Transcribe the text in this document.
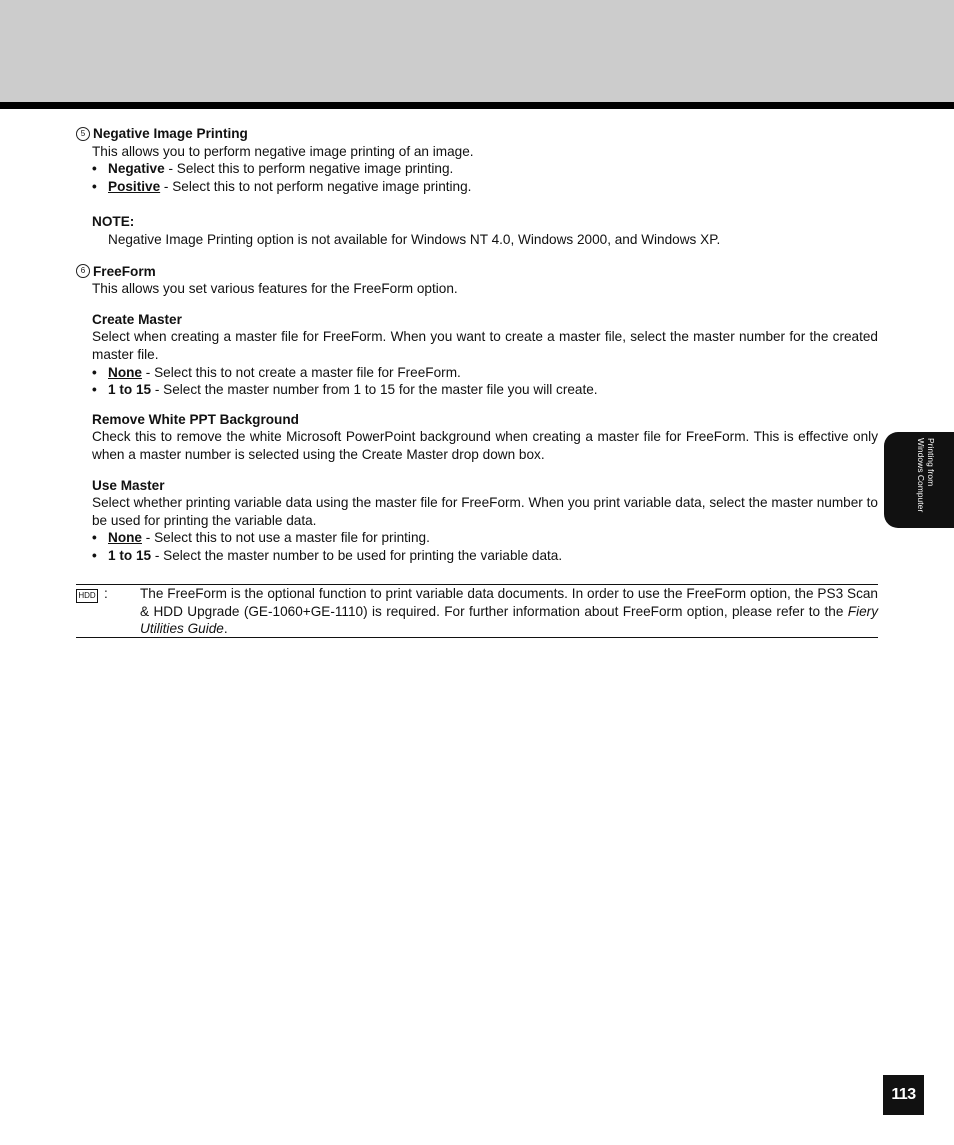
5 Negative Image Printing

This allows you to perform negative image printing of an image.

• Negative - Select this to perform negative image printing.
• Positive - Select this to not perform negative image printing.

NOTE:

Negative Image Printing option is not available for Windows NT 4.0, Windows 2000, and Windows XP.

6 FreeForm

This allows you set various features for the FreeForm option.

Create Master

Select when creating a master file for FreeForm. When you want to create a master file, select the master number for the created master file.

• None - Select this to not create a master file for FreeForm.
• 1 to 15 - Select the master number from 1 to 15 for the master file you will create.

Remove White PPT Background

Check this to remove the white Microsoft PowerPoint background when creating a master file for FreeForm. This is effective only when a master number is selected using the Create Master drop down box.

Use Master

Select whether printing variable data using the master file for FreeForm. When you print variable data, select the master number to be used for printing the variable data.

• None - Select this to not use a master file for printing.
• 1 to 15 - Select the master number to be used for printing the variable data.
HDD : The FreeForm is the optional function to print variable data documents. In order to use the FreeForm option, the PS3 Scan & HDD Upgrade (GE-1060+GE-1110) is required. For further information about FreeForm option, please refer to the Fiery Utilities Guide.

Printing from
Windows Computer
113
